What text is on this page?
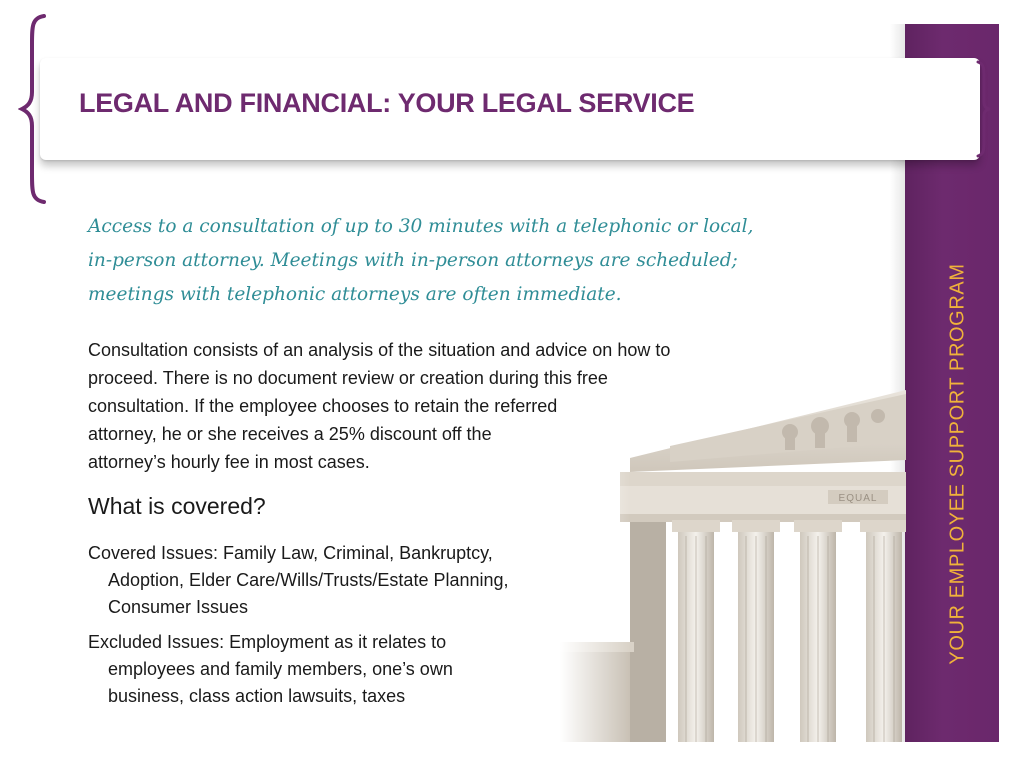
YOUR EMPLOYEE SUPPORT PROGRAM
LEGAL AND FINANCIAL: YOUR LEGAL SERVICE
EQUAL

Access to a consultation of up to 30 minutes with a telephonic or local,
in-person attorney. Meetings with in-person attorneys are scheduled;
meetings with telephonic attorneys are often immediate.

Consultation consists of an analysis of the situation and advice on how to
proceed. There is no document review or creation during this free
consultation. If the employee chooses to retain the referred
attorney, he or she receives a 25% discount off the
attorney’s hourly fee in most cases.

What is covered?
Covered Issues: Family Law, Criminal, Bankruptcy,
Adoption, Elder Care/Wills/Trusts/Estate Planning,
Consumer Issues
Excluded Issues: Employment as it relates to
employees and family members, one’s own
business, class action lawsuits, taxes
